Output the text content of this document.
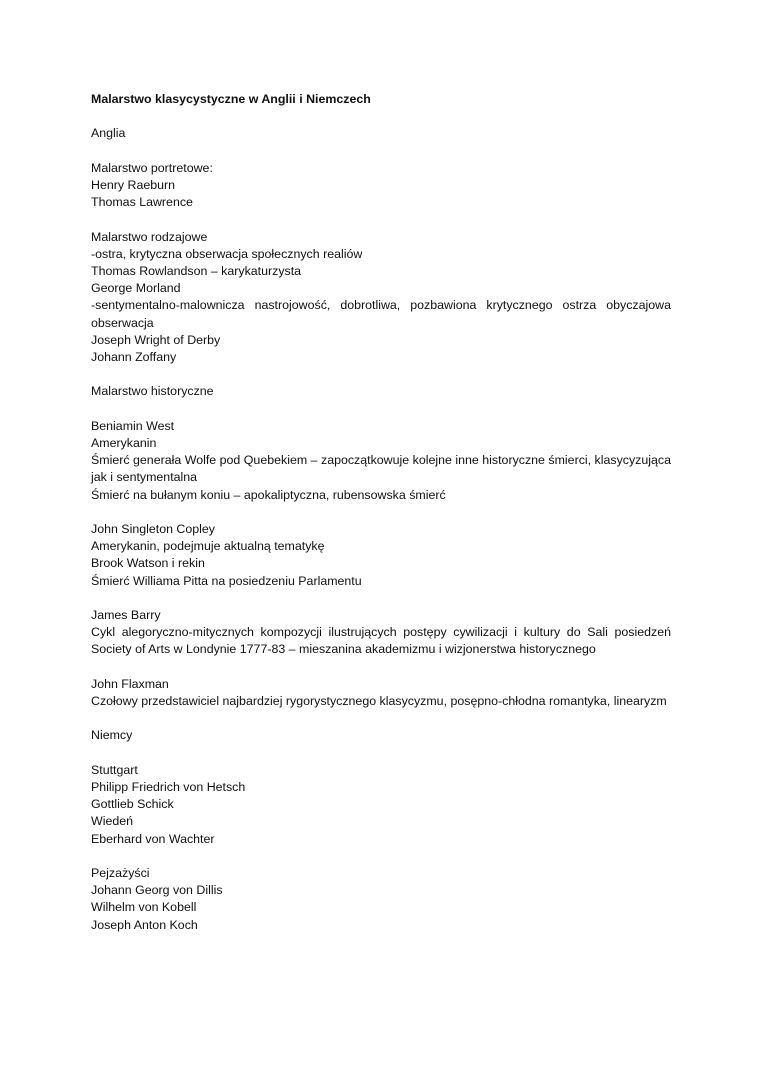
Malarstwo klasycystyczne w Anglii i Niemczech
Anglia
Malarstwo portretowe:
Henry Raeburn
Thomas Lawrence
Malarstwo rodzajowe
-ostra, krytyczna obserwacja społecznych realiów
Thomas Rowlandson – karykaturzysta
George Morland
-sentymentalno-malownicza nastrojowość, dobrotliwa, pozbawiona krytycznego ostrza obyczajowa obserwacja
Joseph Wright of Derby
Johann Zoffany
Malarstwo historyczne
Beniamin West
Amerykanin
Śmierć generała Wolfe pod Quebekiem – zapoczątkowuje kolejne inne historyczne śmierci, klasycyzująca jak i sentymentalna
Śmierć na bułanym koniu – apokaliptyczna, rubensowska śmierć
John Singleton Copley
Amerykanin, podejmuje aktualną tematykę
Brook Watson i rekin
Śmierć Williama Pitta na posiedzeniu Parlamentu
James Barry
Cykl alegoryczno-mitycznych kompozycji ilustrujących postępy cywilizacji i kultury do Sali posiedzeń Society of Arts w Londynie 1777-83 – mieszanina akademizmu i wizjonerstwa historycznego
John Flaxman
Czołowy przedstawiciel najbardziej rygorystycznego klasycyzmu, posępno-chłodna romantyka, linearyzm
Niemcy
Stuttgart
Philipp Friedrich von Hetsch
Gottlieb Schick
Wiedeń
Eberhard von Wachter
Pejzażyści
Johann Georg von Dillis
Wilhelm von Kobell
Joseph Anton Koch
